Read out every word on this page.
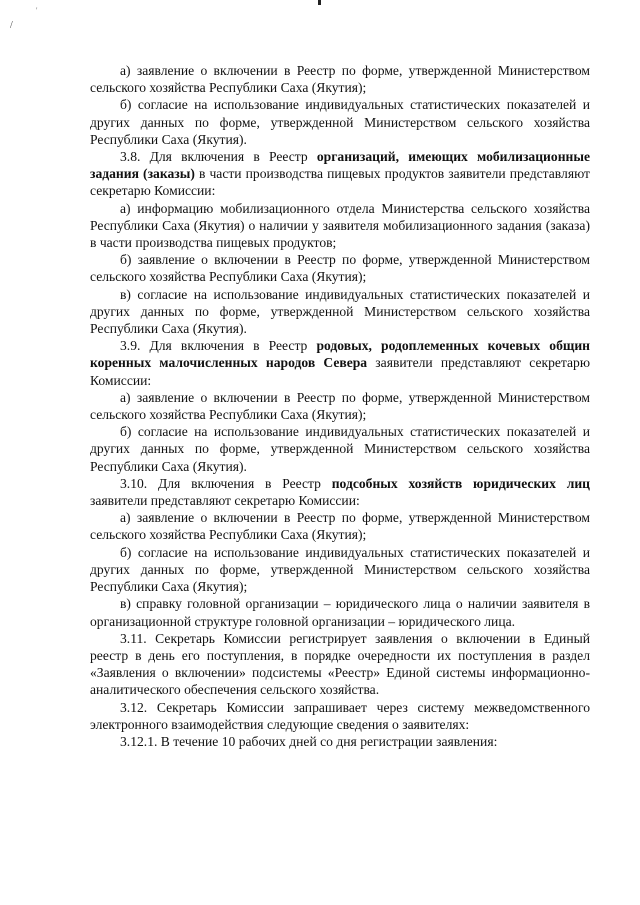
/
'

а) заявление о включении в Реестр по форме, утвержденной Министерством сельского хозяйства Республики Саха (Якутия);

б) согласие на использование индивидуальных статистических показателей и других данных по форме, утвержденной Министерством сельского хозяйства Республики Саха (Якутия).

3.8. Для включения в Реестр организаций, имеющих мобилизационные задания (заказы) в части производства пищевых продуктов заявители представляют секретарю Комиссии:

а) информацию мобилизационного отдела Министерства сельского хозяйства Республики Саха (Якутия) о наличии у заявителя мобилизационного задания (заказа) в части производства пищевых продуктов;

б) заявление о включении в Реестр по форме, утвержденной Министерством сельского хозяйства Республики Саха (Якутия);

в) согласие на использование индивидуальных статистических показателей и других данных по форме, утвержденной Министерством сельского хозяйства Республики Саха (Якутия).

3.9. Для включения в Реестр родовых, родоплеменных кочевых общин коренных малочисленных народов Севера заявители представляют секретарю Комиссии:

а) заявление о включении в Реестр по форме, утвержденной Министерством сельского хозяйства Республики Саха (Якутия);

б) согласие на использование индивидуальных статистических показателей и других данных по форме, утвержденной Министерством сельского хозяйства Республики Саха (Якутия).

3.10. Для включения в Реестр подсобных хозяйств юридических лиц заявители представляют секретарю Комиссии:

а) заявление о включении в Реестр по форме, утвержденной Министерством сельского хозяйства Республики Саха (Якутия);

б) согласие на использование индивидуальных статистических показателей и других данных по форме, утвержденной Министерством сельского хозяйства Республики Саха (Якутия);

в) справку головной организации – юридического лица о наличии заявителя в организационной структуре головной организации – юридического лица.

3.11. Секретарь Комиссии регистрирует заявления о включении в Единый реестр в день его поступления, в порядке очередности их поступления в раздел «Заявления о включении» подсистемы «Реестр» Единой системы информационно-аналитического обеспечения сельского хозяйства.

3.12. Секретарь Комиссии запрашивает через систему межведомственного электронного взаимодействия следующие сведения о заявителях:

3.12.1. В течение 10 рабочих дней со дня регистрации заявления:
